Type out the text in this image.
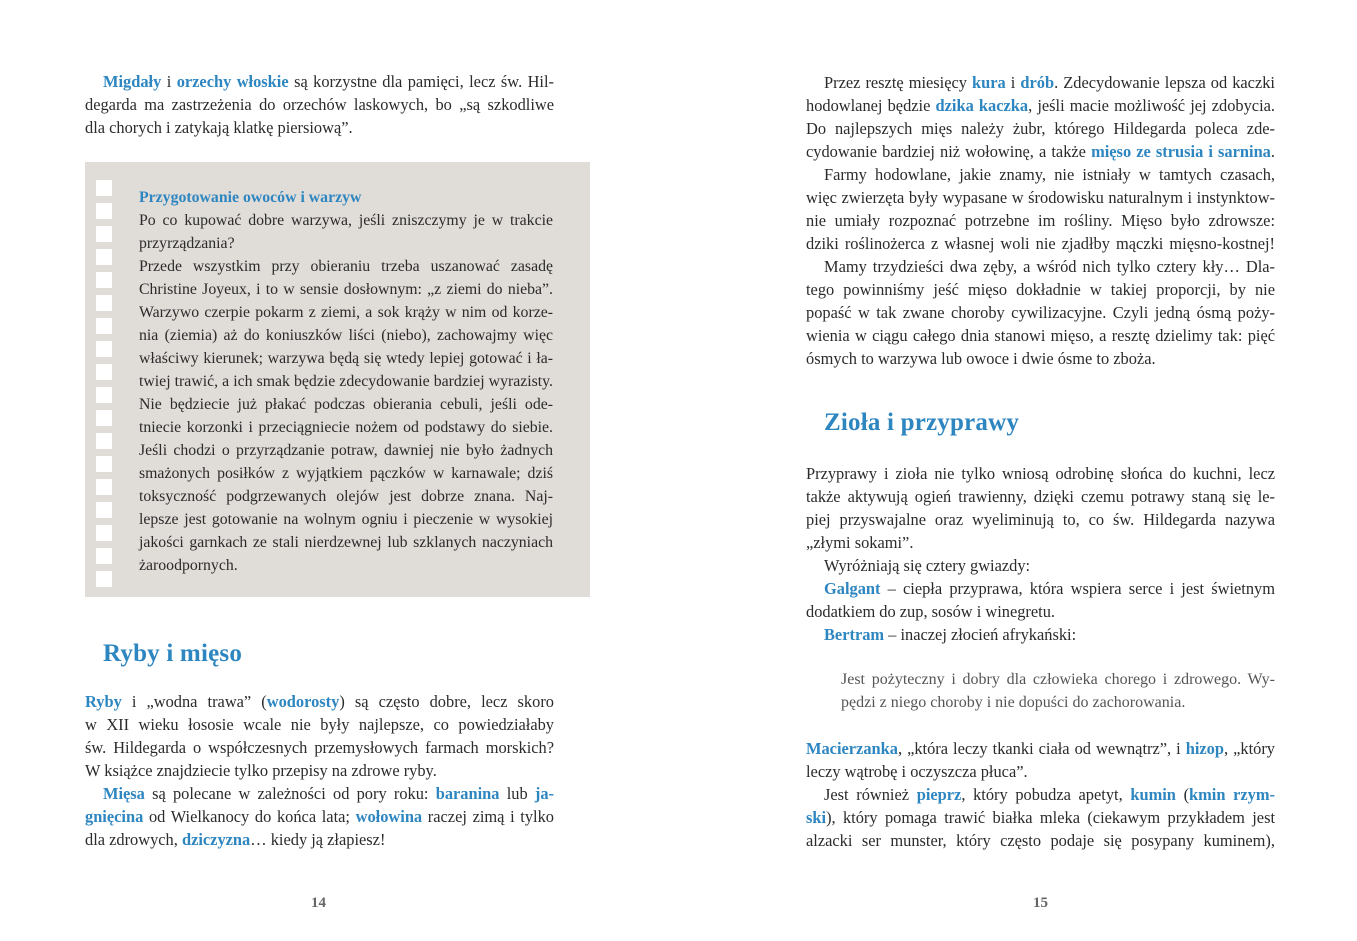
Migdały i orzechy włoskie są korzystne dla pamięci, lecz św. Hil-
degarda ma zastrzeżenia do orzechów laskowych, bo „są szkodliwe
dla chorych i zatykają klatkę piersiową”.
Przygotowanie owoców i warzyw
Po co kupować dobre warzywa, jeśli zniszczymy je w trakcie
przyrządzania?
Przede wszystkim przy obieraniu trzeba uszanować zasadę
Christine Joyeux, i to w sensie dosłownym: „z ziemi do nieba”.
Warzywo czerpie pokarm z ziemi, a sok krąży w nim od korze-
nia (ziemia) aż do koniuszków liści (niebo), zachowajmy więc
właściwy kierunek; warzywa będą się wtedy lepiej gotować i ła-
twiej trawić, a ich smak będzie zdecydowanie bardziej wyrazisty.
Nie będziecie już płakać podczas obierania cebuli, jeśli ode-
tniecie korzonki i przeciągniecie nożem od podstawy do siebie.
Jeśli chodzi o przyrządzanie potraw, dawniej nie było żadnych
smażonych posiłków z wyjątkiem pączków w karnawale; dziś
toksyczność podgrzewanych olejów jest dobrze znana. Naj-
lepsze jest gotowanie na wolnym ogniu i pieczenie w wysokiej
jakości garnkach ze stali nierdzewnej lub szklanych naczyniach
żaroodpornych.
Ryby i mięso
Ryby i „wodna trawa” (wodorosty) są często dobre, lecz skoro
w XII wieku łososie wcale nie były najlepsze, co powiedziałaby
św. Hildegarda o współczesnych przemysłowych farmach morskich?
W książce znajdziecie tylko przepisy na zdrowe ryby.
Mięsa są polecane w zależności od pory roku: baranina lub ja-
gnięcina od Wielkanocy do końca lata; wołowina raczej zimą i tylko
dla zdrowych, dziczyzna… kiedy ją złapiesz!
14
Przez resztę miesięcy kura i drób. Zdecydowanie lepsza od kaczki
hodowlanej będzie dzika kaczka, jeśli macie możliwość jej zdobycia.
Do najlepszych mięs należy żubr, którego Hildegarda poleca zde-
cydowanie bardziej niż wołowinę, a także mięso ze strusia i sarnina.
Farmy hodowlane, jakie znamy, nie istniały w tamtych czasach,
więc zwierzęta były wypasane w środowisku naturalnym i instynktow-
nie umiały rozpoznać potrzebne im rośliny. Mięso było zdrowsze:
dziki roślinożerca z własnej woli nie zjadłby mączki mięsno-kostnej!
Mamy trzydzieści dwa zęby, a wśród nich tylko cztery kły… Dla-
tego powinniśmy jeść mięso dokładnie w takiej proporcji, by nie
popaść w tak zwane choroby cywilizacyjne. Czyli jedną ósmą poży-
wienia w ciągu całego dnia stanowi mięso, a resztę dzielimy tak: pięć
ósmych to warzywa lub owoce i dwie ósme to zboża.
Zioła i przyprawy
Przyprawy i zioła nie tylko wniosą odrobinę słońca do kuchni, lecz
także aktywują ogień trawienny, dzięki czemu potrawy staną się le-
piej przyswajalne oraz wyeliminują to, co św. Hildegarda nazywa
„złymi sokami”.
Wyróżniają się cztery gwiazdy:
Galgant – ciepła przyprawa, która wspiera serce i jest świetnym
dodatkiem do zup, sosów i winegretu.
Bertram – inaczej złocień afrykański:
Jest pożyteczny i dobry dla człowieka chorego i zdrowego. Wy-
pędzi z niego choroby i nie dopuści do zachorowania.
Macierzanka, „która leczy tkanki ciała od wewnątrz”, i hizop, „który
leczy wątrobę i oczyszcza płuca”.
Jest również pieprz, który pobudza apetyt, kumin (kmin rzym-
ski), który pomaga trawić białka mleka (ciekawym przykładem jest
alzacki ser munster, który często podaje się posypany kuminem),
15
